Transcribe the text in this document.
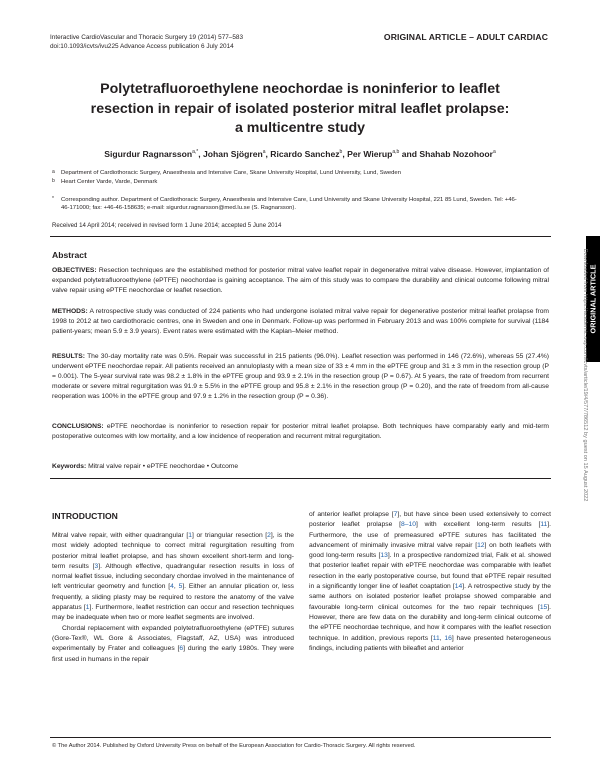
Interactive CardioVascular and Thoracic Surgery 19 (2014) 577–583
doi:10.1093/icvts/ivu225 Advance Access publication 6 July 2014
ORIGINAL ARTICLE – ADULT CARDIAC
Polytetrafluoroethylene neochordae is noninferior to leaflet
resection in repair of isolated posterior mitral leaflet prolapse:
a multicentre study
Sigurdur Ragnarsson$^{a,*}$, Johan Sjögren$^a$, Ricardo Sanchez$^b$, Per Wierup$^{a,b}$ and Shahab Nozohoor$^a$
a	Department of Cardiothoracic Surgery, Anaesthesia and Intensive Care, Skane University Hospital, Lund University, Lund, Sweden
b	Heart Center Varde, Varde, Denmark
*	Corresponding author. Department of Cardiothoracic Surgery, Anaesthesia and Intensive Care, Lund University and Skane University Hospital, 221 85 Lund, Sweden. Tel: +46-46-171000; fax: +46-46-158635; e-mail: sigurdur.ragnarsson@med.lu.se (S. Ragnarsson).
Received 14 April 2014; received in revised form 1 June 2014; accepted 5 June 2014
Abstract

OBJECTIVES: Resection techniques are the established method for posterior mitral valve leaflet repair in degenerative mitral valve disease. However, implantation of expanded polytetrafluoroethylene (ePTFE) neochordae is gaining acceptance. The aim of this study was to compare the durability and clinical outcome following mitral valve repair using ePTFE neochordae or leaflet resection.

METHODS: A retrospective study was conducted of 224 patients who had undergone isolated mitral valve repair for degenerative posterior mitral leaflet prolapse from 1998 to 2012 at two cardiothoracic centres, one in Sweden and one in Denmark. Follow-up was performed in February 2013 and was 100% complete for survival (1184 patient-years; mean 5.9 ± 3.9 years). Event rates were estimated with the Kaplan–Meier method.

RESULTS: The 30-day mortality rate was 0.5%. Repair was successful in 215 patients (96.0%). Leaflet resection was performed in 146 (72.6%), whereas 55 (27.4%) underwent ePTFE neochordae repair. All patients received an annuloplasty with a mean size of 33 ± 4 mm in the ePTFE group and 31 ± 3 mm in the resection group (P = 0.001). The 5-year survival rate was 98.2 ± 1.8% in the ePTFE group and 93.9 ± 2.1% in the resection group (P = 0.67). At 5 years, the rate of freedom from recurrent moderate or severe mitral regurgitation was 91.9 ± 5.5% in the ePTFE group and 95.8 ± 2.1% in the resection group (P = 0.20), and the rate of freedom from all-cause reoperation was 100% in the ePTFE group and 97.9 ± 1.2% in the resection group (P = 0.36).

CONCLUSIONS: ePTFE neochordae is noninferior to resection repair for posterior mitral leaflet prolapse. Both techniques have comparably early and mid-term postoperative outcomes with low mortality, and a low incidence of reoperation and recurrent mitral regurgitation.

Keywords: Mitral valve repair • ePTFE neochordae • Outcome
INTRODUCTION

Mitral valve repair, with either quadrangular [1] or triangular resection [2], is the most widely adopted technique to correct mitral regurgitation resulting from posterior mitral leaflet prolapse, and has shown excellent short-term and long-term results [3]. Although effective, quadrangular resection results in loss of normal leaflet tissue, including secondary chordae involved in the maintenance of left ventricular geometry and function [4, 5]. Either an annular plication or, less frequently, a sliding plasty may be required to restore the anatomy of the valve apparatus [1]. Furthermore, leaflet restriction can occur and resection techniques may be inadequate when two or more leaflet segments are involved.

Chordal replacement with expanded polytetrafluoroethylene (ePTFE) sutures (Gore-Tex®, WL Gore & Associates, Flagstaff, AZ, USA) was introduced experimentally by Frater and colleagues [6] during the early 1980s. They were first used in humans in the repair

of anterior leaflet prolapse [7], but have since been used extensively to correct posterior leaflet prolapse [8–10] with excellent long-term results [11]. Furthermore, the use of premeasured ePTFE sutures has facilitated the advancement of minimally invasive mitral valve repair [12] on both leaflets with good long-term results [13]. In a prospective randomized trial, Falk et al. showed that posterior leaflet repair with ePTFE neochordae was comparable with leaflet resection in the early postoperative course, but found that ePTFE repair resulted in a significantly longer line of leaflet coaptation [14]. A retrospective study by the same authors on isolated posterior leaflet prolapse showed comparable and favourable long-term clinical outcomes for the two repair techniques [15]. However, there are few data on the durability and long-term clinical outcome of the ePTFE neochordae technique, and how it compares with the leaflet resection technique. In addition, previous reports [11, 16] have presented heterogeneous findings, including patients with bileaflet and anterior

© The Author 2014. Published by Oxford University Press on behalf of the European Association for Cardio-Thoracic Surgery. All rights reserved.
ORIGINAL ARTICLE
Downloaded from https://academic.oup.com/icvts/article/19/4/577/786512 by guest on 15 August 2022
